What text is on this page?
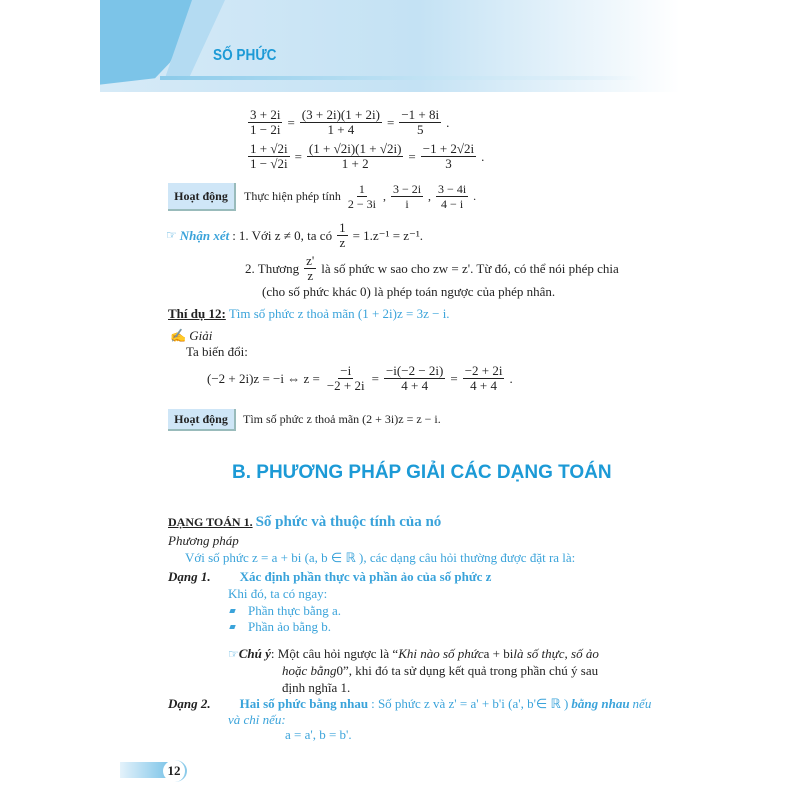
SỐ PHỨC
$\frac{3 + 2i}{1 - 2i} = \frac{(3 + 2i)(1 + 2i)}{1 + 4} = \frac{-1 + 8i}{5}$ .
$\frac{1 + √2i}{1 - √2i} = \frac{(1 + √2i)(1 + √2i)}{1 + 2} = \frac{-1 + 2√2i}{3}$ .
Hoạt động	Thực hiện phép tính $\frac{1}{2 - 3i}$ , $\frac{3 - 2i}{i}$ , $\frac{3 - 4i}{4 - i}$ .
☞ Nhận xét : 1. Với z ≠ 0, ta có $\frac{1}{z} = 1.z^{-1} = z^{-1}$.
2. Thương $\frac{z'}{z}$ là số phức w sao cho zw = z'. Từ đó, có thể nói phép chia
(cho số phức khác 0) là phép toán ngược của phép nhân.
Thí dụ 12: Tìm số phức z thoả mãn (1 + 2i)z = 3z − i.
✍ Giải
Ta biến đổi:
(−2 + 2i)z = −i ⇔ $z = \frac{-i}{-2 + 2i} = \frac{-i(-2 - 2i)}{4 + 4} = \frac{-2 + 2i}{4 + 4}$ .
Hoạt động	Tìm số phức z thoả mãn (2 + 3i)z = z − i.
B. PHƯƠNG PHÁP GIẢI CÁC DẠNG TOÁN
DẠNG TOÁN 1. Số phức và thuộc tính của nó
Phương pháp
Với số phức z = a + bi (a, b ∈ ℝ ), các dạng câu hỏi thường được đặt ra là:
Dạng 1. Xác định phần thực và phần ảo của số phức z
Khi đó, ta có ngay:
Phần thực bằng a.
Phần ảo bằng b.
☞ Chú ý : Một câu hỏi ngược là “ Khi nào số phức a + bi là số thực, số ảo
hoặc bằng 0”, khi đó ta sử dụng kết quả trong phần chú ý sau
định nghĩa 1.
Dạng 2. Hai số phức bằng nhau : Số phức z và z' = a' + b'i (a', b'∈ ℝ ) bằng nhau nếu
và chỉ nếu:
a = a', b = b'.
12
